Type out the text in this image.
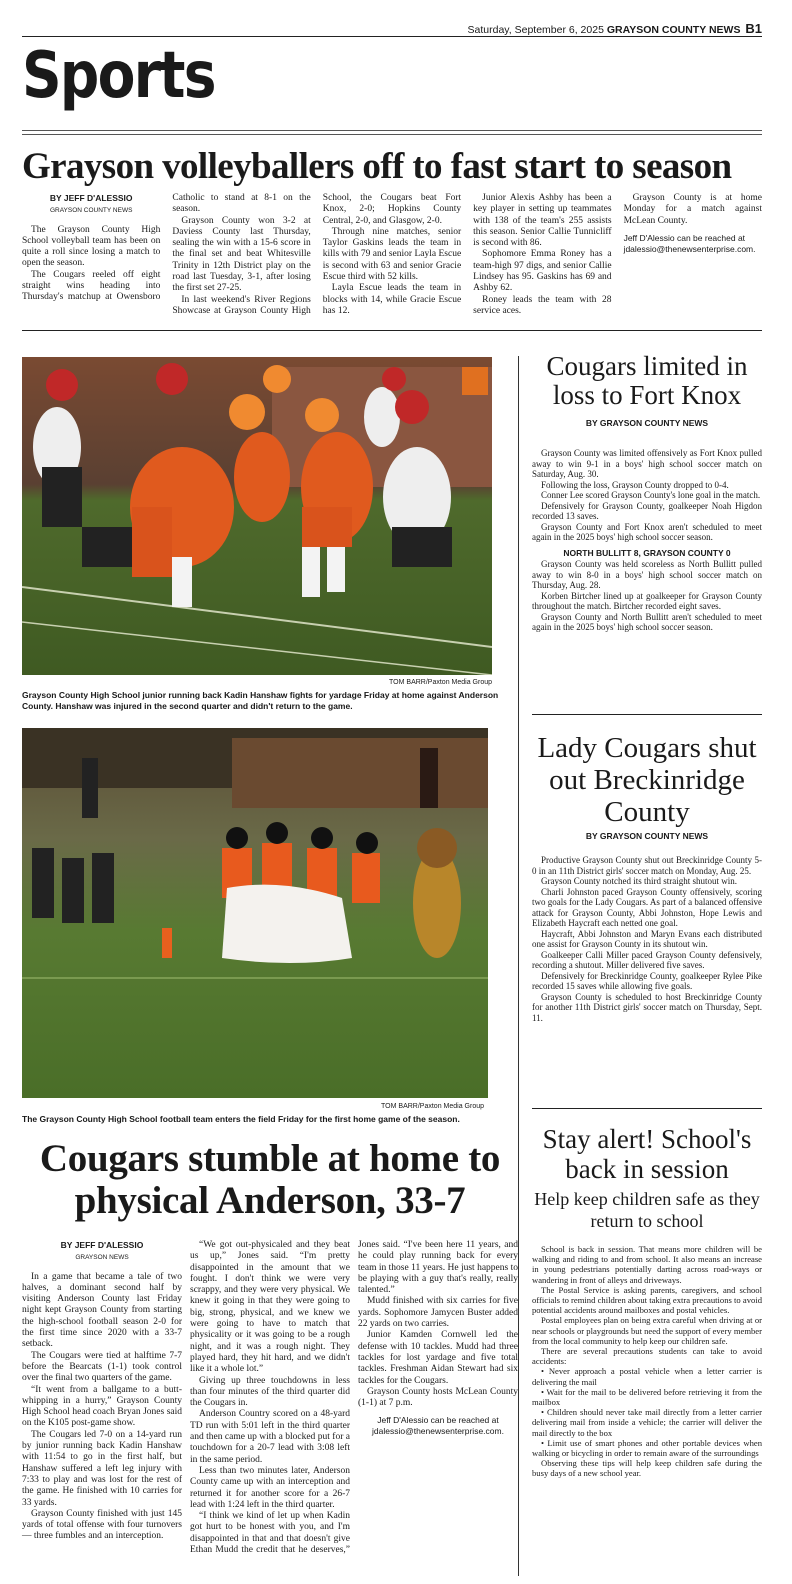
Saturday, September 6, 2025 GRAYSON COUNTY NEWS B1
Sports
Grayson volleyballers off to fast start to season
BY JEFF D'ALESSIO
GRAYSON COUNTY NEWS

The Grayson County High School volleyball team has been on quite a roll since losing a match to open the season.

The Cougars reeled off eight straight wins heading into Thursday's matchup at Owensboro Catholic to stand at 8-1 on the season.

Grayson County won 3-2 at Daviess County last Thursday, sealing the win with a 15-6 score in the final set and beat Whitesville Trinity in 12th District play on the road last Tuesday, 3-1, after losing the first set 27-25.

In last weekend's River Regions Showcase at Grayson County High School, the Cougars beat Fort Knox, 2-0; Hopkins County Central, 2-0, and Glasgow, 2-0.

Through nine matches, senior Taylor Gaskins leads the team in kills with 79 and senior Layla Escue is second with 63 and senior Gracie Escue third with 52 kills.

Layla Escue leads the team in blocks with 14, while Gracie Escue has 12.

Junior Alexis Ashby has been a key player in setting up teammates with 138 of the team's 255 assists this season. Senior Callie Tunnicliff is second with 86.

Sophomore Emma Roney has a team-high 97 digs, and senior Callie Lindsey has 95. Gaskins has 69 and Ashby 62.

Roney leads the team with 28 service aces.

Grayson County is at home Monday for a match against McLean County.

Jeff D'Alessio can be reached at jdalessio@thenewsenterprise.com.

TOM BARR/Paxton Media Group
Grayson County High School junior running back Kadin Hanshaw fights for yardage Friday at home against Anderson County. Hanshaw was injured in the second quarter and didn't return to the game.
TOM BARR/Paxton Media Group
The Grayson County High School football team enters the field Friday for the first home game of the season.
Cougars stumble at home to physical Anderson, 33-7
BY JEFF D'ALESSIO
GRAYSON NEWS

In a game that became a tale of two halves, a dominant second half by visiting Anderson County last Friday night kept Grayson County from starting the high-school football season 2-0 for the first time since 2020 with a 33-7 setback.

The Cougars were tied at halftime 7-7 before the Bearcats (1-1) took control over the final two quarters of the game.

“It went from a ballgame to a butt-whipping in a hurry,” Grayson County High School head coach Bryan Jones said on the K105 post-game show.

The Cougars led 7-0 on a 14-yard run by junior running back Kadin Hanshaw with 11:54 to go in the first half, but Hanshaw suffered a left leg injury with 7:33 to play and was lost for the rest of the game. He finished with 10 carries for 33 yards.

Grayson County finished with just 145 yards of total offense with four turnovers — three fumbles and an interception.

“We got out-physicaled and they beat us up,” Jones said. “I'm pretty disappointed in the amount that we fought. I don't think we were very scrappy, and they were very physical. We knew it going in that they were going to big, strong, physical, and we knew we were going to have to match that physicality or it was going to be a rough night, and it was a rough night. They played hard, they hit hard, and we didn't like it a whole lot.”

Giving up three touchdowns in less than four minutes of the third quarter did the Cougars in.

Anderson Country scored on a 48-yard TD run with 5:01 left in the third quarter and then came up with a blocked put for a touchdown for a 20-7 lead with 3:08 left in the same period.

Less than two minutes later, Anderson County came up with an interception and returned it for another score for a 26-7 lead with 1:24 left in the third quarter.

“I think we kind of let up when Kadin got hurt to be honest with you, and I'm disappointed in that and that doesn't give Ethan Mudd the credit that he deserves,” Jones said. “I've been here 11 years, and he could play running back for every team in those 11 years. He just happens to be playing with a guy that's really, really talented.”

Mudd finished with six carries for five yards. Sophomore Jamycen Buster added 22 yards on two carries.

Junior Kamden Cornwell led the defense with 10 tackles. Mudd had three tackles for lost yardage and five total tackles. Freshman Aidan Stewart had six tackles for the Cougars.

Grayson County hosts McLean County (1-1) at 7 p.m.

Jeff D'Alessio can be reached at jdalessio@thenewsenterprise.com.

Cougars limited in loss to Fort Knox
BY GRAYSON COUNTY NEWS

Grayson County was limited offensively as Fort Knox pulled away to win 9-1 in a boys' high school soccer match on Saturday, Aug. 30.

Following the loss, Grayson County dropped to 0-4.

Conner Lee scored Grayson County's lone goal in the match.

Defensively for Grayson County, goalkeeper Noah Higdon recorded 13 saves.

Grayson County and Fort Knox aren't scheduled to meet again in the 2025 boys' high school soccer season.

NORTH BULLITT 8, GRAYSON COUNTY 0

Grayson County was held scoreless as North Bullitt pulled away to win 8-0 in a boys' high school soccer match on Thursday, Aug. 28.

Korben Birtcher lined up at goalkeeper for Grayson County throughout the match. Birtcher recorded eight saves.

Grayson County and North Bullitt aren't scheduled to meet again in the 2025 boys' high school soccer season.

Lady Cougars shut out Breckinridge County
BY GRAYSON COUNTY NEWS

Productive Grayson County shut out Breckinridge County 5-0 in an 11th District girls' soccer match on Monday, Aug. 25.

Grayson County notched its third straight shutout win.

Charli Johnston paced Grayson County offensively, scoring two goals for the Lady Cougars. As part of a balanced offensive attack for Grayson County, Abbi Johnston, Hope Lewis and Elizabeth Haycraft each netted one goal.

Haycraft, Abbi Johnston and Maryn Evans each distributed one assist for Grayson County in its shutout win.

Goalkeeper Calli Miller paced Grayson County defensively, recording a shutout. Miller delivered five saves.

Defensively for Breckinridge County, goalkeeper Rylee Pike recorded 15 saves while allowing five goals.

Grayson County is scheduled to host Breckinridge County for another 11th District girls' soccer match on Thursday, Sept. 11.

Stay alert! School's back in session
Help keep children safe as they return to school

School is back in session. That means more children will be walking and riding to and from school. It also means an increase in young pedestrians potentially darting across road-ways or wandering in front of alleys and driveways.

The Postal Service is asking parents, caregivers, and school officials to remind children about taking extra precautions to avoid potential accidents around mailboxes and postal vehicles.

Postal employees plan on being extra careful when driving at or near schools or playgrounds but need the support of every member from the local community to help keep our children safe.

There are several precautions students can take to avoid accidents:

• Never approach a postal vehicle when a letter carrier is delivering the mail

• Wait for the mail to be delivered before retrieving it from the mailbox

• Children should never take mail directly from a letter carrier delivering mail from inside a vehicle; the carrier will deliver the mail directly to the box

• Limit use of smart phones and other portable devices when walking or bicycling in order to remain aware of the surroundings

Observing these tips will help keep children safe during the busy days of a new school year.
